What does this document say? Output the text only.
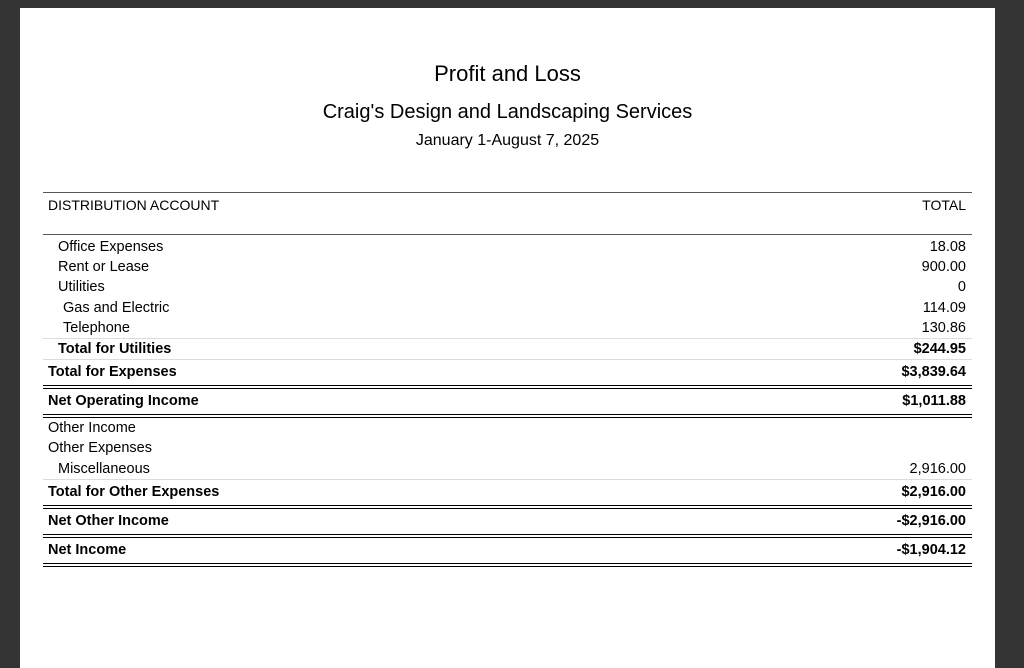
Profit and Loss
Craig's Design and Landscaping Services
January 1-August 7, 2025
DISTRIBUTION ACCOUNT	TOTAL
Office Expenses	18.08
Rent or Lease	900.00
Utilities	0
Gas and Electric	114.09
Telephone	130.86
Total for Utilities	$244.95
Total for Expenses	$3,839.64
Net Operating Income	$1,011.88
Other Income
Other Expenses
Miscellaneous	2,916.00
Total for Other Expenses	$2,916.00
Net Other Income	-$2,916.00
Net Income	-$1,904.12
